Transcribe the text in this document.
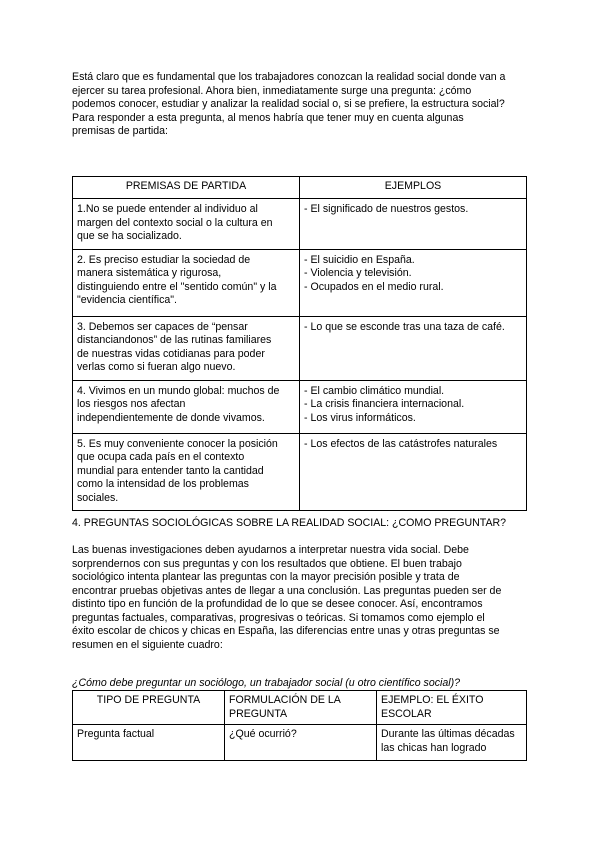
Está claro que es fundamental que los trabajadores conozcan la realidad social donde van a
ejercer su tarea profesional. Ahora bien, inmediatamente surge una pregunta: ¿cómo
podemos conocer, estudiar y analizar la realidad social o, si se prefiere, la estructura social?
Para responder a esta pregunta, al menos habría que tener muy en cuenta algunas
premisas de partida:
PREMISAS DE PARTIDA	EJEMPLOS

1.No se puede entender al individuo al
margen del contexto social o la cultura en
que se ha socializado.	- El significado de nuestros gestos.

2. Es preciso estudiar la sociedad de
manera sistemática y rigurosa,
distinguiendo entre el "sentido común" y la
"evidencia científica".	- El suicidio en España.
- Violencia y televisión.
- Ocupados en el medio rural.

3. Debemos ser capaces de “pensar
distanciandonos” de las rutinas familiares
de nuestras vidas cotidianas para poder
verlas como si fueran algo nuevo.	- Lo que se esconde tras una taza de café.

4. Vivimos en un mundo global: muchos de
los riesgos nos afectan
independientemente de donde vivamos.	- El cambio climático mundial.
- La crisis financiera internacional.
- Los virus informáticos.

5. Es muy conveniente conocer la posición
que ocupa cada país en el contexto
mundial para entender tanto la cantidad
como la intensidad de los problemas
sociales.	- Los efectos de las catástrofes naturales
4. PREGUNTAS SOCIOLÓGICAS SOBRE LA REALIDAD SOCIAL: ¿COMO PREGUNTAR?
Las buenas investigaciones deben ayudarnos a interpretar nuestra vida social. Debe
sorprendernos con sus preguntas y con los resultados que obtiene. El buen trabajo
sociológico intenta plantear las preguntas con la mayor precisión posible y trata de
encontrar pruebas objetivas antes de llegar a una conclusión. Las preguntas pueden ser de
distinto tipo en función de la profundidad de lo que se desee conocer. Así, encontramos
preguntas factuales, comparativas, progresivas o teóricas. Si tomamos como ejemplo el
éxito escolar de chicos y chicas en España, las diferencias entre unas y otras preguntas se
resumen en el siguiente cuadro:
¿Cómo debe preguntar un sociólogo, un trabajador social (u otro científico social)?
TIPO DE PREGUNTA	FORMULACIÓN DE LA
PREGUNTA	EJEMPLO: EL ÉXITO
ESCOLAR

Pregunta factual	¿Qué ocurrió?	Durante las últimas décadas
las chicas han logrado
